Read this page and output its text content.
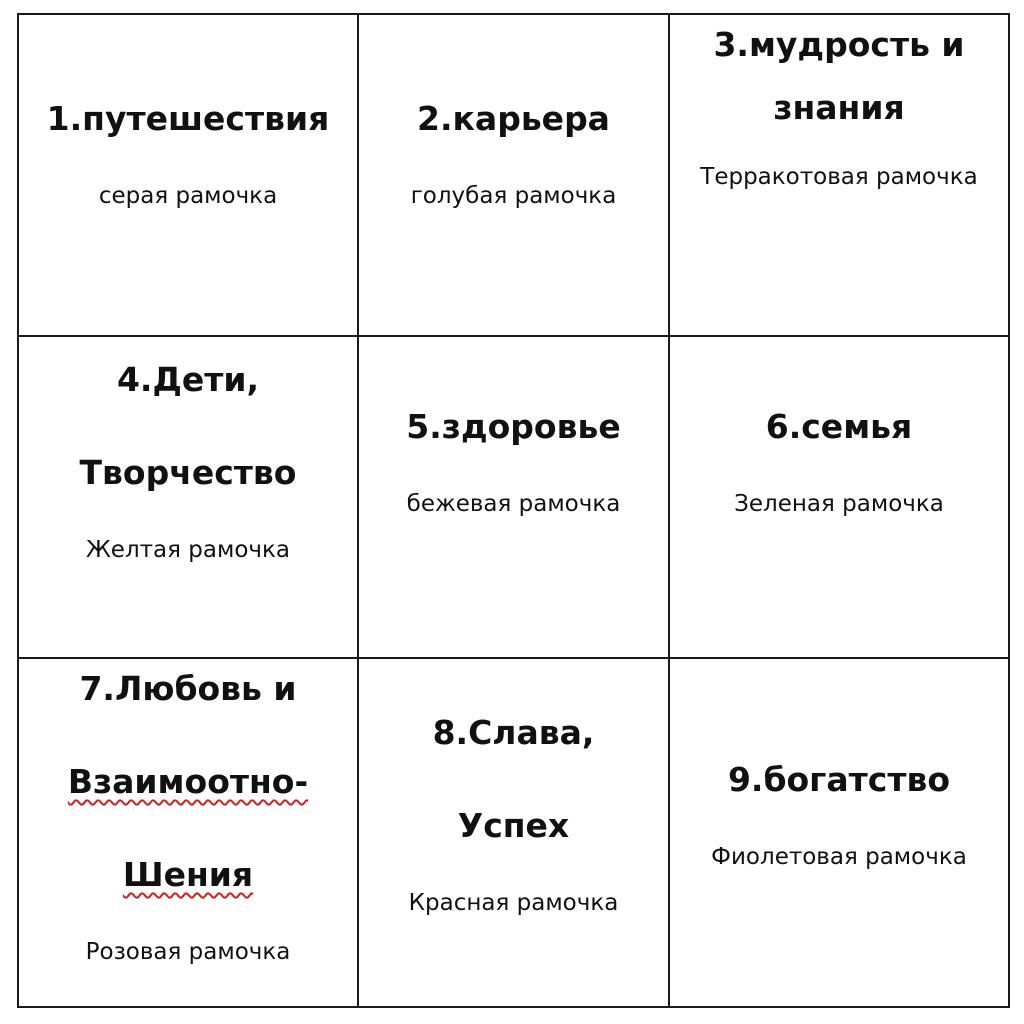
1.путешествия
серая рамочка
2.карьера
голубая рамочка
3.мудрость и
знания
Терракотовая рамочка
4.Дети,
Творчество
Желтая рамочка
5.здоровье
бежевая рамочка
6.семья
Зеленая рамочка
7.Любовь и
Взаимоотно-
Шения
Розовая рамочка
8.Слава,
Успех
Красная рамочка
9.богатство
Фиолетовая рамочка
